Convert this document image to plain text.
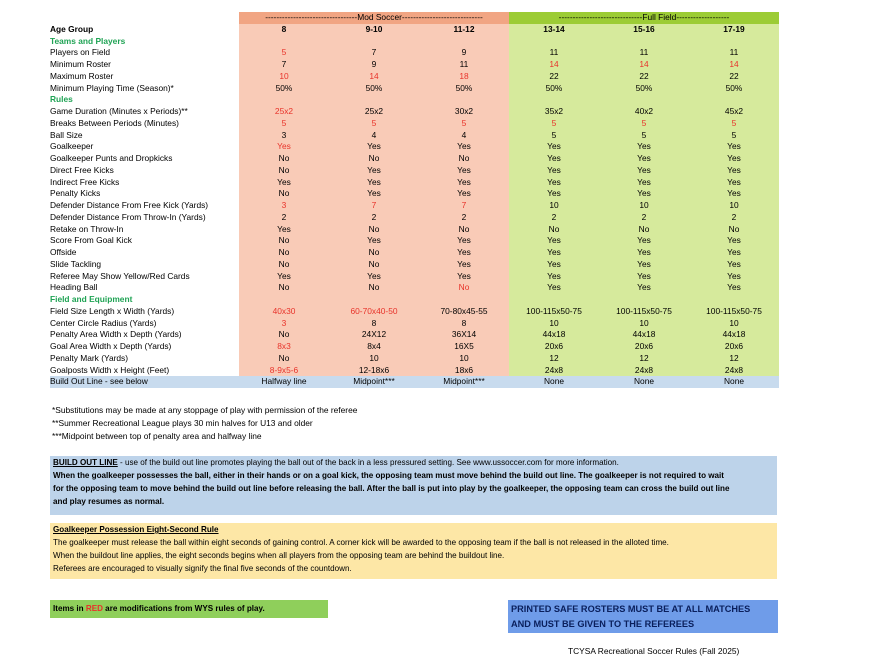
	---------------------------------Mod Soccer-----------------------------			------------------------------Full Field-------------------		
Age Group	8	9-10	11-12	13-14	15-16	17-19
Teams and Players						
Players on Field	5	7	9	11	11	11
Minimum Roster	7	9	11	14	14	14
Maximum Roster	10	14	18	22	22	22
Minimum Playing Time (Season)*	50%	50%	50%	50%	50%	50%
Rules						
Game Duration (Minutes x Periods)**	25x2	25x2	30x2	35x2	40x2	45x2
Breaks Between Periods (Minutes)	5	5	5	5	5	5
Ball Size	3	4	4	5	5	5
Goalkeeper	Yes	Yes	Yes	Yes	Yes	Yes
Goalkeeper Punts and Dropkicks	No	No	No	Yes	Yes	Yes
Direct Free Kicks	No	Yes	Yes	Yes	Yes	Yes
Indirect Free Kicks	Yes	Yes	Yes	Yes	Yes	Yes
Penalty Kicks	No	Yes	Yes	Yes	Yes	Yes
Defender Distance From Free Kick (Yards)	3	7	7	10	10	10
Defender Distance From Throw-In (Yards)	2	2	2	2	2	2
Retake on Throw-In	Yes	No	No	No	No	No
Score From Goal Kick	No	Yes	Yes	Yes	Yes	Yes
Offside	No	No	Yes	Yes	Yes	Yes
Slide Tackling	No	No	Yes	Yes	Yes	Yes
Referee May Show Yellow/Red Cards	Yes	Yes	Yes	Yes	Yes	Yes
Heading Ball	No	No	No	Yes	Yes	Yes
Field and Equipment						
Field Size Length x Width (Yards)	40x30	60-70x40-50	70-80x45-55	100-115x50-75	100-115x50-75	100-115x50-75
Center Circle Radius (Yards)	3	8	8	10	10	10
Penalty Area Width x Depth (Yards)	No	24X12	36X14	44x18	44x18	44x18
Goal Area Width x Depth (Yards)	8x3	8x4	16X5	20x6	20x6	20x6
Penalty Mark (Yards)	No	10	10	12	12	12
Goalposts Width x Height (Feet)	8-9x5-6	12-18x6	18x6	24x8	24x8	24x8
Build Out Line - see below	Halfway line	Midpoint***	Midpoint***	None	None	None
*Substitutions may be made at any stoppage of play with permission of the referee
**Summer Recreational League plays 30 min halves for U13 and older
***Midpoint between top of penalty area and halfway line
BUILD OUT LINE - use of the build out line promotes playing the ball out of the back in a less pressured setting. See www.ussoccer.com for more information.
When the goalkeeper possesses the ball, either in their hands or on a goal kick, the opposing team must move behind the build out line. The goalkeeper is not required to wait
for the opposing team to move behind the build out line before releasing the ball. After the ball is put into play by the goalkeeper, the opposing team can cross the build out line
and play resumes as normal.
Goalkeeper Possession Eight-Second Rule
The goalkeeper must release the ball within eight seconds of gaining control. A corner kick will be awarded to the opposing team if the ball is not released in the alloted time.
When the buildout line applies, the eight seconds begins when all players from the opposing team are behind the buildout line.
Referees are encouraged to visually signify the final five seconds of the countdown.
Items in RED are modifications from WYS rules of play.	PRINTED SAFE ROSTERS MUST BE AT ALL MATCHES
AND MUST BE GIVEN TO THE REFEREES
TCYSA Recreational Soccer Rules (Fall 2025)
